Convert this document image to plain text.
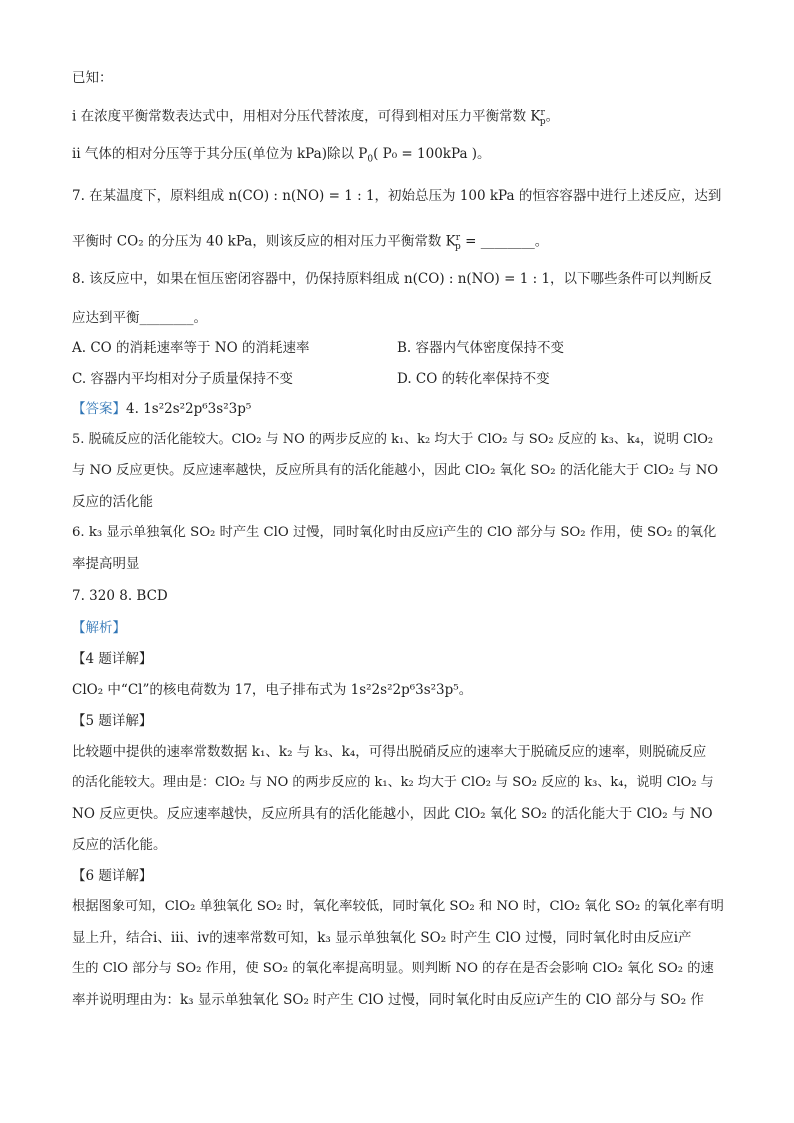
已知：
ⅰ 在浓度平衡常数表达式中，用相对分压代替浓度，可得到相对压力平衡常数 $K^r_p$。
ⅱ 气体的相对分压等于其分压(单位为 kPa)除以 $P_0$( P₀ = 100kPa )。
7. 在某温度下，原料组成 n(CO) : n(NO) = 1 : 1，初始总压为 100 kPa 的恒容容器中进行上述反应，达到
平衡时 CO₂ 的分压为 40 kPa，则该反应的相对压力平衡常数 $K^r_p$ = ________。
8. 该反应中，如果在恒压密闭容器中，仍保持原料组成 n(CO) : n(NO) = 1 : 1，以下哪些条件可以判断反
应达到平衡________。
A. CO 的消耗速率等于 NO 的消耗速率	B. 容器内气体密度保持不变
C. 容器内平均相对分子质量保持不变	D. CO 的转化率保持不变
【答案】4. 1s²2s²2p⁶3s²3p⁵
5. 脱硫反应的活化能较大。ClO₂ 与 NO 的两步反应的 k₁、k₂ 均大于 ClO₂ 与 SO₂ 反应的 k₃、k₄，说明 ClO₂
与 NO 反应更快。反应速率越快，反应所具有的活化能越小，因此 ClO₂ 氧化 SO₂ 的活化能大于 ClO₂ 与 NO
反应的活化能
6. k₃ 显示单独氧化 SO₂ 时产生 ClO 过慢，同时氧化时由反应ⅰ产生的 ClO 部分与 SO₂ 作用，使 SO₂ 的氧化
率提高明显
7. 320 8. BCD
【解析】
【4 题详解】
ClO₂ 中“Cl”的核电荷数为 17，电子排布式为 1s²2s²2p⁶3s²3p⁵。
【5 题详解】
比较题中提供的速率常数数据 k₁、k₂ 与 k₃、k₄，可得出脱硝反应的速率大于脱硫反应的速率，则脱硫反应
的活化能较大。理由是：ClO₂ 与 NO 的两步反应的 k₁、k₂ 均大于 ClO₂ 与 SO₂ 反应的 k₃、k₄，说明 ClO₂ 与
NO 反应更快。反应速率越快，反应所具有的活化能越小，因此 ClO₂ 氧化 SO₂ 的活化能大于 ClO₂ 与 NO
反应的活化能。
【6 题详解】
根据图象可知，ClO₂ 单独氧化 SO₂ 时，氧化率较低，同时氧化 SO₂ 和 NO 时，ClO₂ 氧化 SO₂ 的氧化率有明
显上升，结合ⅰ、ⅲ、ⅳ的速率常数可知，k₃ 显示单独氧化 SO₂ 时产生 ClO 过慢，同时氧化时由反应ⅰ产
生的 ClO 部分与 SO₂ 作用，使 SO₂ 的氧化率提高明显。则判断 NO 的存在是否会影响 ClO₂ 氧化 SO₂ 的速
率并说明理由为：k₃ 显示单独氧化 SO₂ 时产生 ClO 过慢，同时氧化时由反应ⅰ产生的 ClO 部分与 SO₂ 作
